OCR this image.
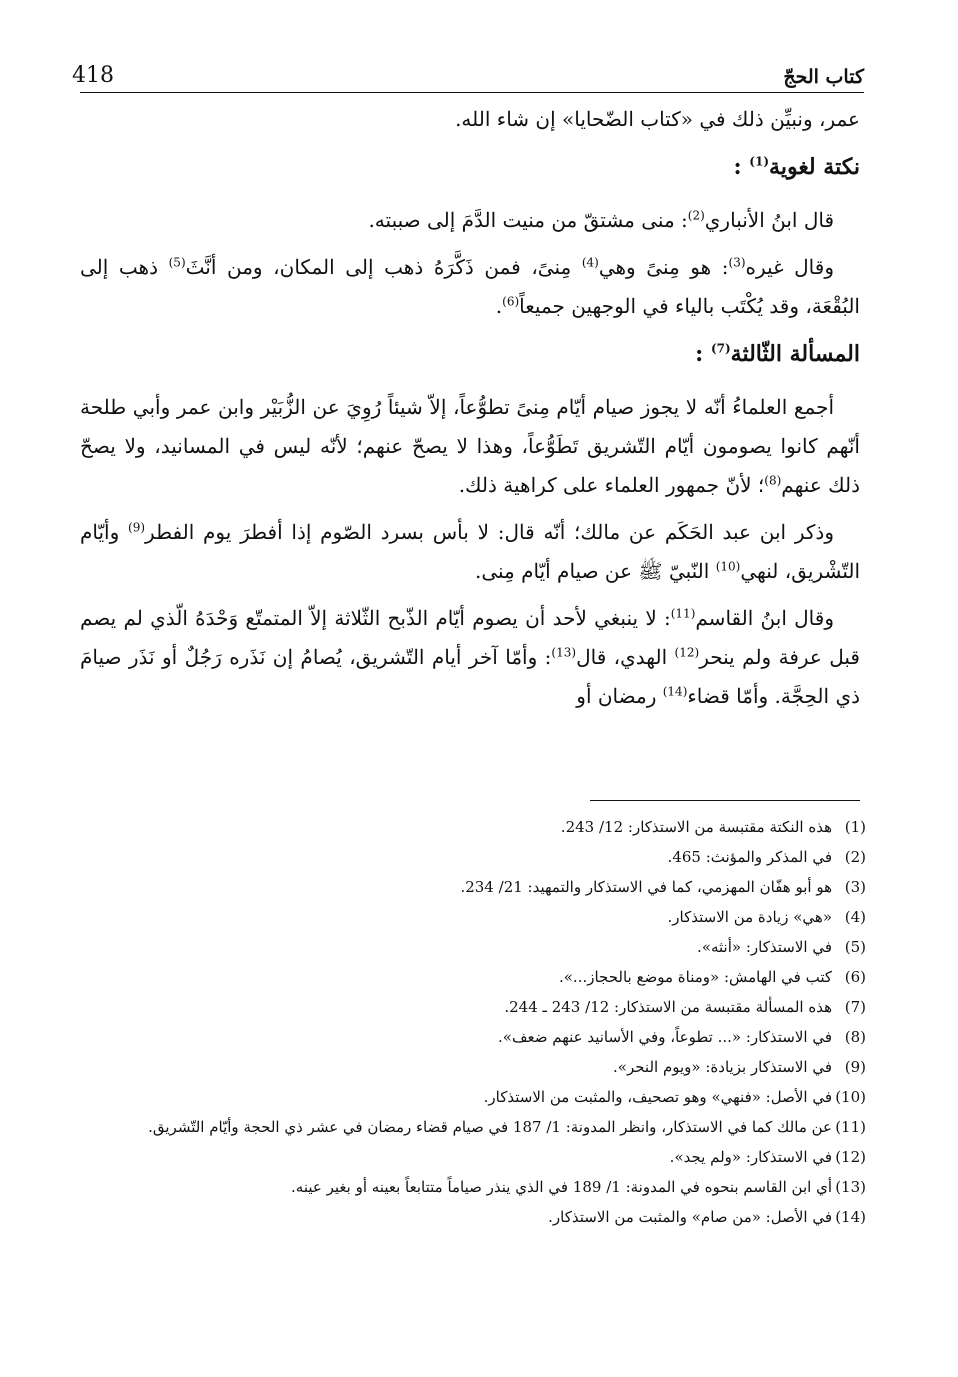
كتاب الحجّ
418

عمر، ونبيِّن ذلك في «كتاب الضّحايا» إن شاء الله.

نكتة لغوية$^{(1)}$ :

قال ابنُ الأنباري$^{(2)}$: منى مشتقّ من منيت الدَّمَ إلى صببته.

وقال غيره$^{(3)}$: هو مِنىً وهي$^{(4)}$ مِنىً، فمن ذَكَّرَهُ ذهب إلى المكان، ومن أنَّثَ$^{(5)}$ ذهب إلى البُقْعَة، وقد يُكْتَب بالياء في الوجهين جميعاً$^{(6)}$.

المسألة الثّالثة$^{(7)}$ :

أجمع العلماءُ أنّه لا يجوز صيام أيّام مِنىً تطوُّعاً، إلاّ شيئاً رُوِيَ عن الزُّبَيْر وابن عمر وأبي طلحة أنّهم كانوا يصومون أيّام التّشريق تَطَوُّعاً، وهذا لا يصحّ عنهم؛ لأنّه ليس في المسانيد، ولا يصحّ ذلك عنهم$^{(8)}$؛ لأنّ جمهور العلماء على كراهية ذلك.

وذكر ابن عبد الحَكَم عن مالك؛ أنّه قال: لا بأس بسرد الصّوم إذا أفطرَ يوم الفطر$^{(9)}$ وأيّام التّشْريق، لنهي$^{(10)}$ النّبيّ ﷺ عن صيام أيّام مِنى.

وقال ابنُ القاسم$^{(11)}$: لا ينبغي لأحد أن يصوم أيّام الذّبح الثّلاثة إلاّ المتمتّع وَحْدَهُ الّذي لم يصم قبل عرفة ولم ينحر$^{(12)}$ الهدي، قال$^{(13)}$: وأمّا آخر أيام التّشريق، يُصامُ إن نَذَره رَجُلٌ أو نَذَر صيامَ ذي الحِجَّة. وأمّا قضاء$^{(14)}$ رمضان أو

(1)
هذه النكتة مقتبسة من الاستذكار: 12/ 243.
(2)
في المذكر والمؤنث: 465.
(3)
هو أبو هفّان المهزمي، كما في الاستذكار والتمهيد: 21/ 234.
(4)
«هي» زيادة من الاستذكار.
(5)
في الاستذكار: «أنثه».
(6)
كتب في الهامش: «ومناة موضع بالحجاز...».
(7)
هذه المسألة مقتبسة من الاستذكار: 12/ 243 ـ 244.
(8)
في الاستذكار: «... تطوعاً، وفي الأسانيد عنهم ضعف».
(9)
في الاستذكار بزيادة: «ويوم النحر».
(10)
في الأصل: «فنهي» وهو تصحيف، والمثبت من الاستذكار.
(11)
عن مالك كما في الاستذكار، وانظر المدونة: 1/ 187 في صيام قضاء رمضان في عشر ذي الحجة وأيّام التّشريق.
(12)
في الاستذكار: «ولم يجد».
(13)
أي ابن القاسم بنحوه في المدونة: 1/ 189 في الذي ينذر صياماً متتابعاً بعينه أو بغير عينه.
(14)
في الأصل: «من صام» والمثبت من الاستذكار.
